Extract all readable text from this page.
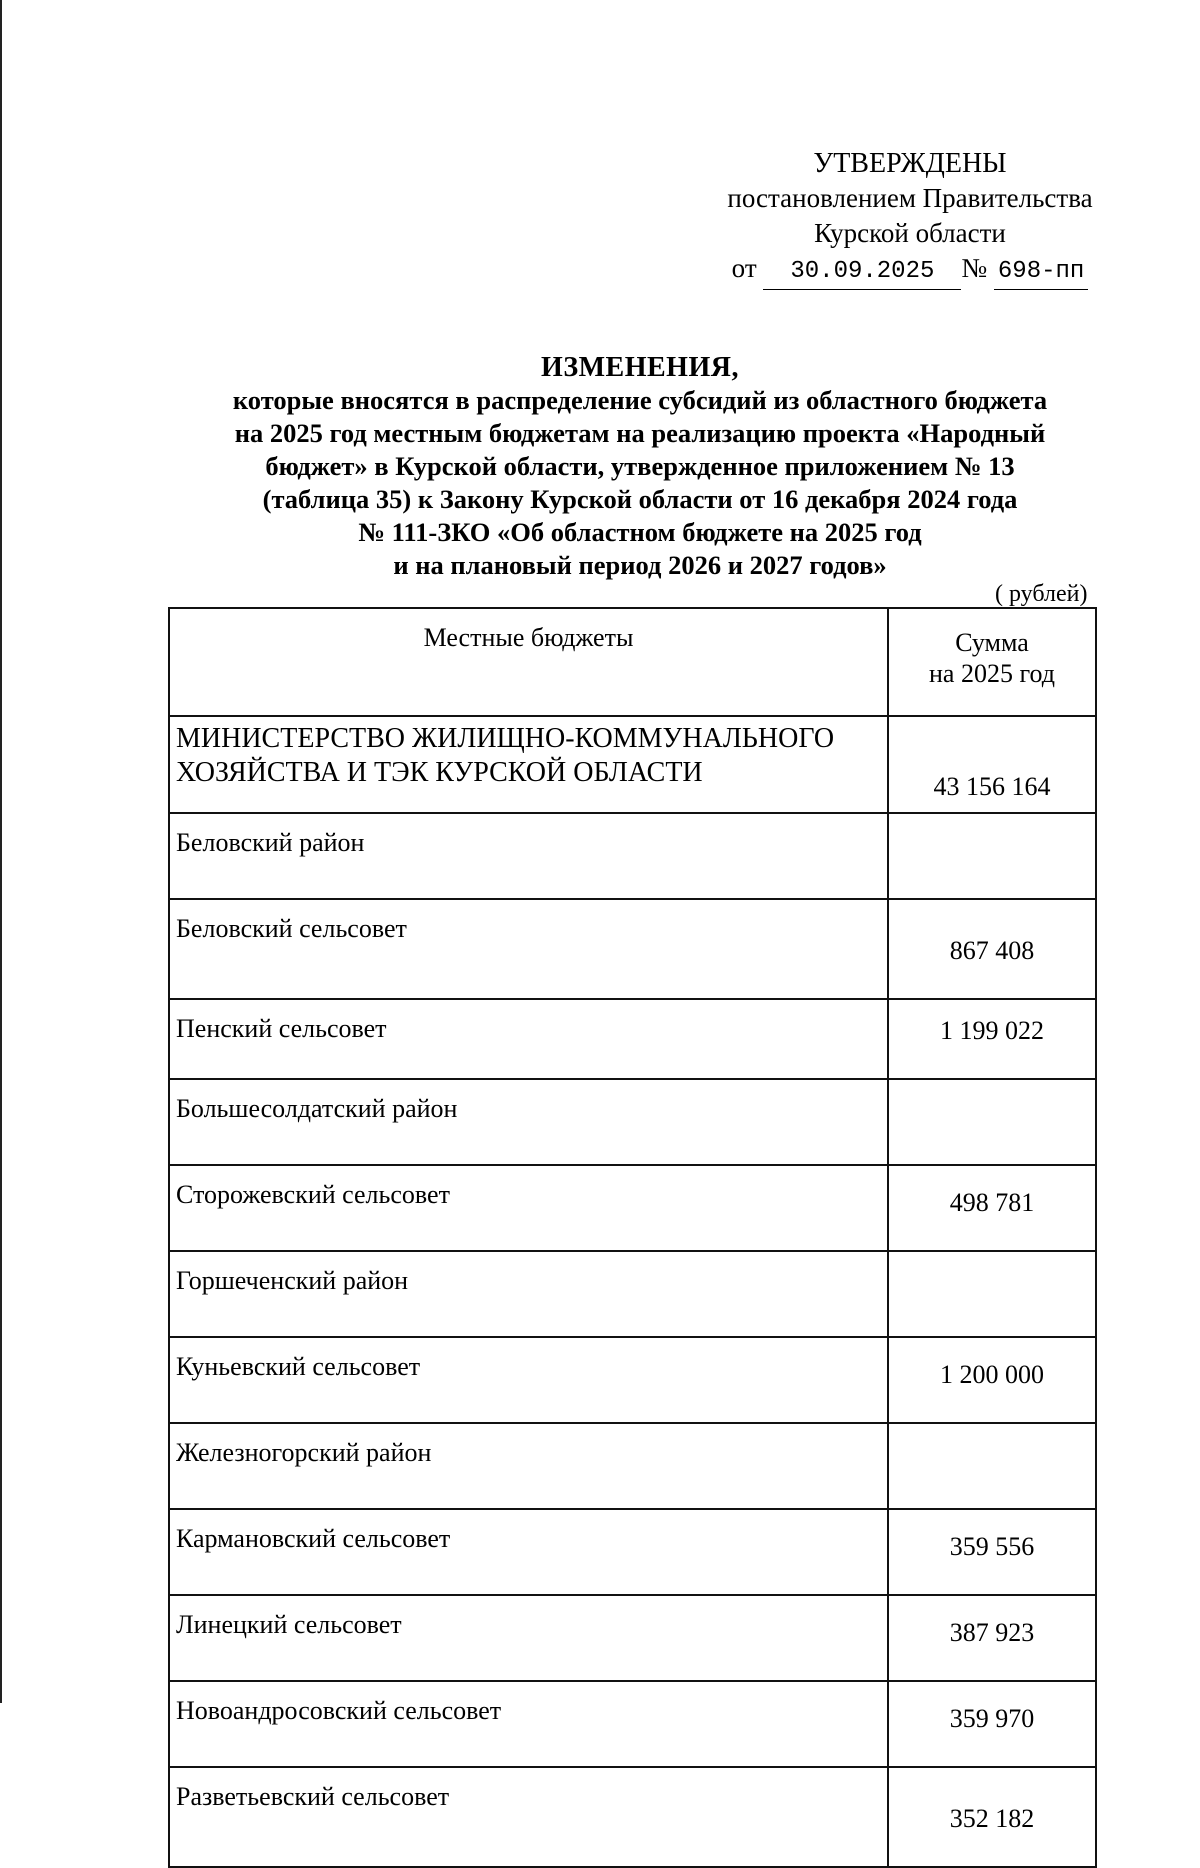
УТВЕРЖДЕНЫ
постановлением Правительства
Курской области
от
	30.09.2025 №
698-пп
ИЗМЕНЕНИЯ,
которые вносятся в распределение субсидий из областного бюджета
на 2025 год местным бюджетам на реализацию проекта «Народный
бюджет» в Курской области, утвержденное приложением № 13
(таблица 35) к Закону Курской области от 16 декабря 2024 года
№ 111-ЗКО «Об областном бюджете на 2025 год
и на плановый период 2026 и 2027 годов»
( рублей)
Местные бюджеты	Сумма
на 2025 год

МИНИСТЕРСТВО ЖИЛИЩНО-КОММУНАЛЬНОГО
ХОЗЯЙСТВА И ТЭК КУРСКОЙ ОБЛАСТИ	43 156 164
Беловский район	
Беловский сельсовет	867 408
Пенский сельсовет	1 199 022
Большесолдатский район	
Сторожевский сельсовет	498 781
Горшеченский район	
Куньевский сельсовет	1 200 000
Железногорский район	
Кармановский сельсовет	359 556
Линецкий сельсовет	387 923
Новоандросовский сельсовет	359 970
Разветьевский сельсовет	352 182
